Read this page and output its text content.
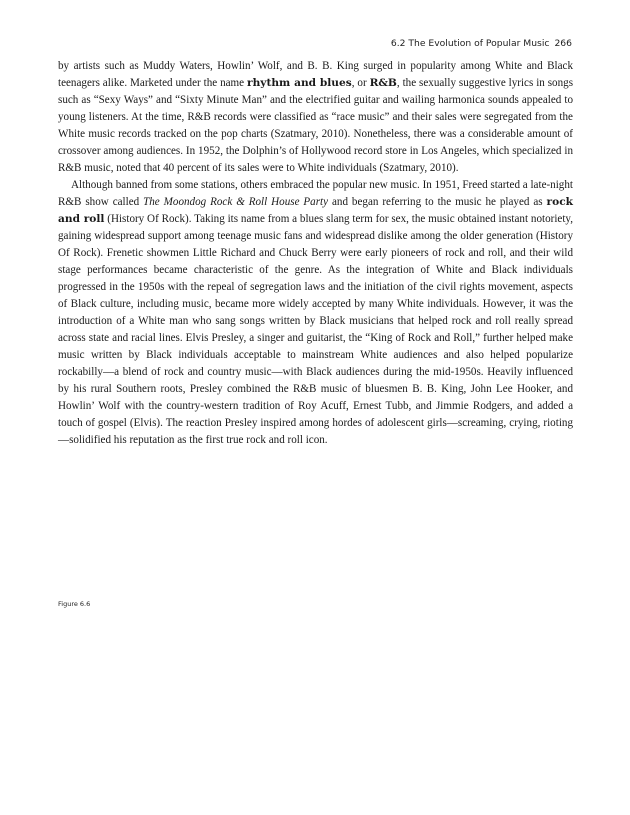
6.2 The Evolution of Popular Music 266

by artists such as Muddy Waters, Howlin’ Wolf, and B. B. King surged in popularity among White and Black teenagers alike. Marketed under the name rhythm and blues, or R&B, the sexually suggestive lyrics in songs such as “Sexy Ways” and “Sixty Minute Man” and the electrified guitar and wailing harmonica sounds appealed to young listeners. At the time, R&B records were classified as “race music” and their sales were segregated from the White music records tracked on the pop charts (Szatmary, 2010). Nonetheless, there was a considerable amount of crossover among audiences. In 1952, the Dolphin’s of Hollywood record store in Los Angeles, which specialized in R&B music, noted that 40 percent of its sales were to White individuals (Szatmary, 2010).

Although banned from some stations, others embraced the popular new music. In 1951, Freed started a late-night R&B show called The Moondog Rock & Roll House Party and began referring to the music he played as rock and roll (History Of Rock). Taking its name from a blues slang term for sex, the music obtained instant notoriety, gaining widespread support among teenage music fans and widespread dislike among the older generation (History Of Rock). Frenetic showmen Little Richard and Chuck Berry were early pioneers of rock and roll, and their wild stage performances became characteristic of the genre. As the integration of White and Black individuals progressed in the 1950s with the repeal of segregation laws and the initiation of the civil rights movement, aspects of Black culture, including music, became more widely accepted by many White individuals. However, it was the introduction of a White man who sang songs written by Black musicians that helped rock and roll really spread across state and racial lines. Elvis Presley, a singer and guitarist, the “King of Rock and Roll,” further helped make music written by Black individuals acceptable to mainstream White audiences and also helped popularize rockabilly—a blend of rock and country music—with Black audiences during the mid-1950s. Heavily influenced by his rural Southern roots, Presley combined the R&B music of bluesmen B. B. King, John Lee Hooker, and Howlin’ Wolf with the country-western tradition of Roy Acuff, Ernest Tubb, and Jimmie Rodgers, and added a touch of gospel (Elvis). The reaction Presley inspired among hordes of adolescent girls—screaming, crying, rioting—solidified his reputation as the first true rock and roll icon.

Figure 6.6
